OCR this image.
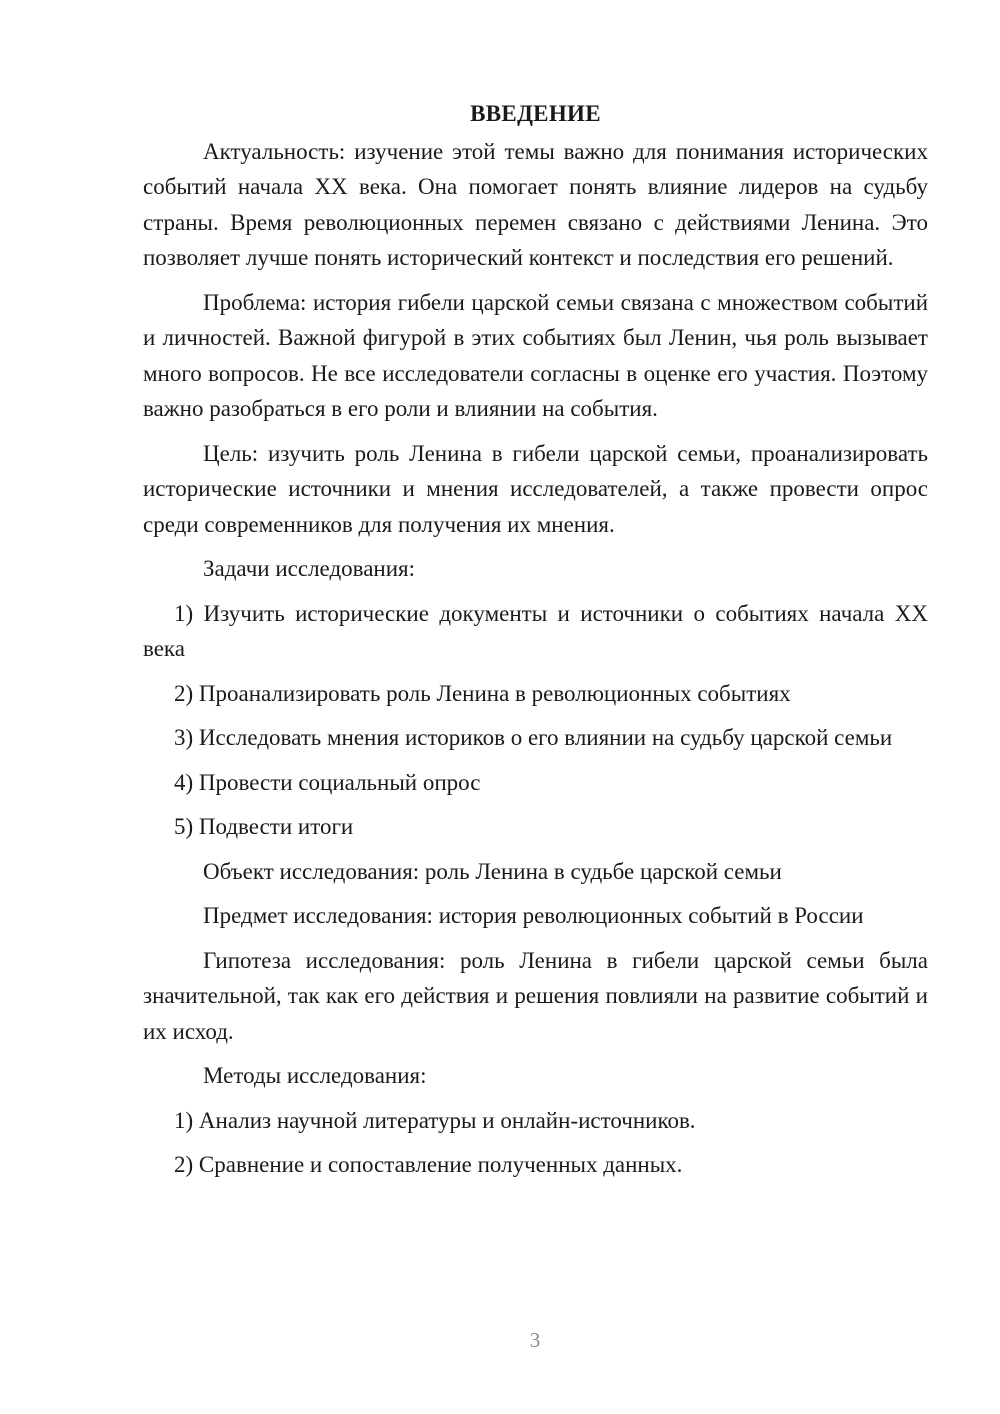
ВВЕДЕНИЕ

Актуальность: изучение этой темы важно для понимания исторических событий начала XX века. Она помогает понять влияние лидеров на судьбу страны. Время революционных перемен связано с действиями Ленина. Это позволяет лучше понять исторический контекст и последствия его решений.

Проблема: история гибели царской семьи связана с множеством событий и личностей. Важной фигурой в этих событиях был Ленин, чья роль вызывает много вопросов. Не все исследователи согласны в оценке его участия. Поэтому важно разобраться в его роли и влиянии на события.

Цель: изучить роль Ленина в гибели царской семьи, проанализировать исторические источники и мнения исследователей, а также провести опрос среди современников для получения их мнения.

Задачи исследования:

1) Изучить исторические документы и источники о событиях начала XX века

2) Проанализировать роль Ленина в революционных событиях

3) Исследовать мнения историков о его влиянии на судьбу царской семьи

4) Провести социальный опрос

5) Подвести итоги

Объект исследования: роль Ленина в судьбе царской семьи

Предмет исследования: история революционных событий в России

Гипотеза исследования: роль Ленина в гибели царской семьи была значительной, так как его действия и решения повлияли на развитие событий и их исход.

Методы исследования:

1) Анализ научной литературы и онлайн-источников.

2) Сравнение и сопоставление полученных данных.

3
